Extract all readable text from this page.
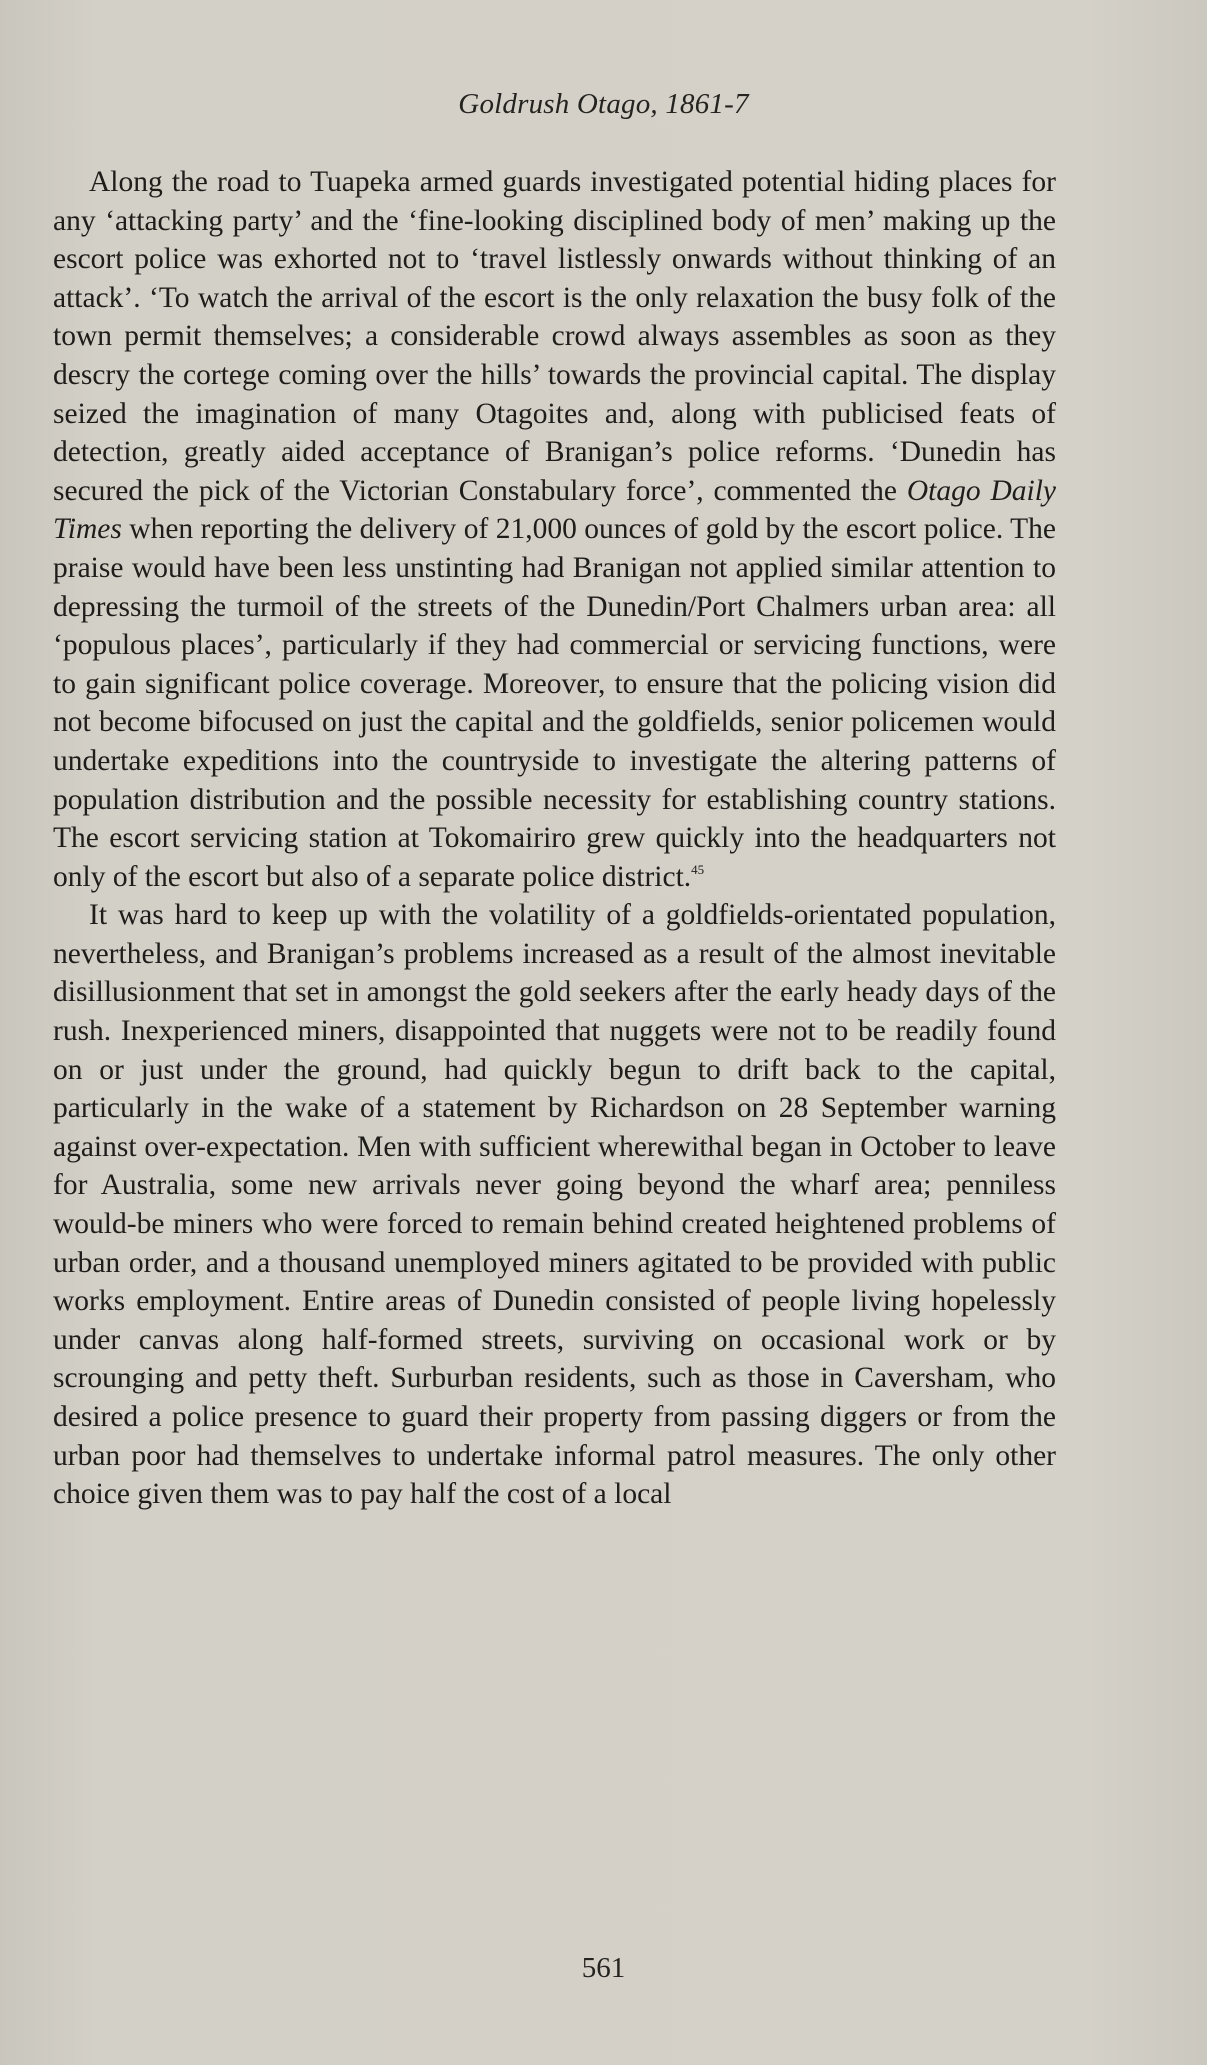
Goldrush Otago, 1861-7

Along the road to Tuapeka armed guards investigated potential hiding places for any ‘attacking party’ and the ‘fine-looking disciplined body of men’ making up the escort police was exhorted not to ‘travel listlessly onwards without thinking of an attack’. ‘To watch the arrival of the escort is the only relaxation the busy folk of the town permit themselves; a considerable crowd always assembles as soon as they descry the cortege coming over the hills’ towards the provincial capital. The display seized the imagination of many Otagoites and, along with publicised feats of detection, greatly aided acceptance of Branigan’s police reforms. ‘Dunedin has secured the pick of the Victorian Constabulary force’, commented the Otago Daily Times when reporting the delivery of 21,000 ounces of gold by the escort police. The praise would have been less unstinting had Branigan not applied similar attention to depressing the turmoil of the streets of the Dunedin/Port Chalmers urban area: all ‘populous places’, particularly if they had commercial or servicing functions, were to gain significant police coverage. Moreover, to ensure that the policing vision did not become bifocused on just the capital and the goldfields, senior policemen would undertake expeditions into the countryside to investigate the altering patterns of population distribution and the possible necessity for establishing country stations. The escort servicing station at Tokomairiro grew quickly into the headquarters not only of the escort but also of a separate police district.$^{45}$

It was hard to keep up with the volatility of a goldfields-orientated population, nevertheless, and Branigan’s problems increased as a result of the almost inevitable disillusionment that set in amongst the gold seekers after the early heady days of the rush. Inexperienced miners, disappointed that nuggets were not to be readily found on or just under the ground, had quickly begun to drift back to the capital, particularly in the wake of a statement by Richardson on 28 September warning against over-expectation. Men with sufficient wherewithal began in October to leave for Australia, some new arrivals never going beyond the wharf area; penniless would-be miners who were forced to remain behind created heightened problems of urban order, and a thousand unemployed miners agitated to be provided with public works employment. Entire areas of Dunedin consisted of people living hopelessly under canvas along half-formed streets, surviving on occasional work or by scrounging and petty theft. Surburban residents, such as those in Caversham, who desired a police presence to guard their property from passing diggers or from the urban poor had themselves to undertake informal patrol measures. The only other choice given them was to pay half the cost of a local

561
